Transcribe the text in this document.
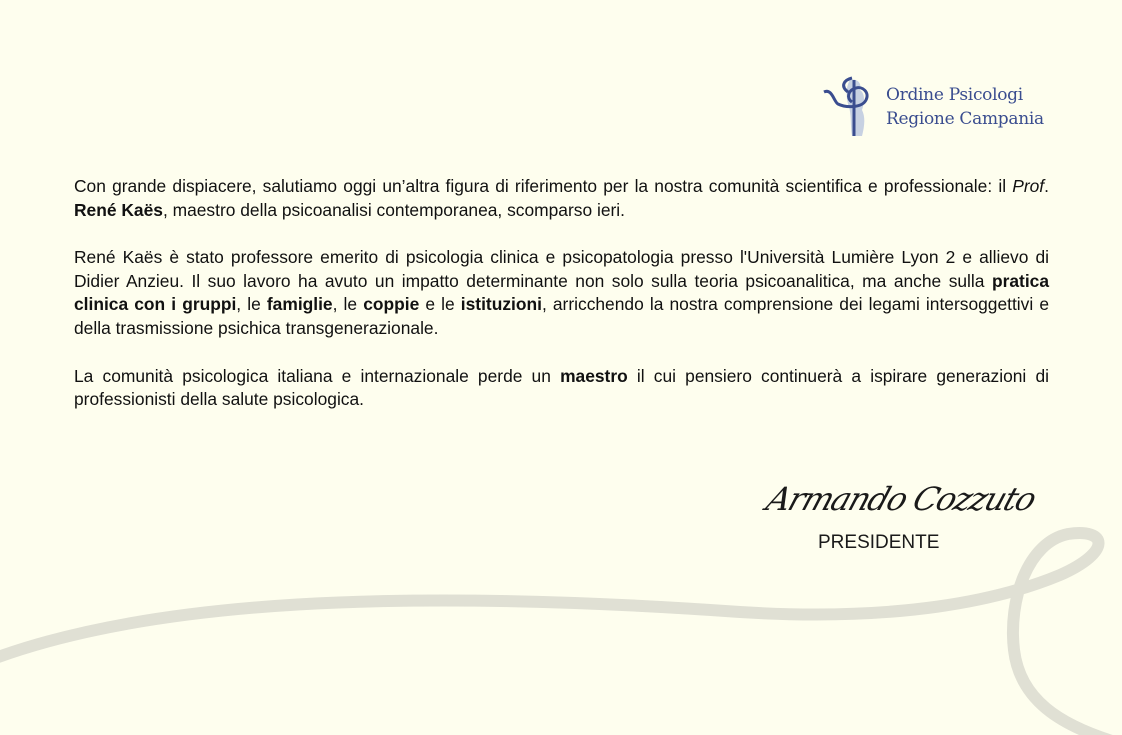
Ordine Psicologi
Regione Campania

Con grande dispiacere, salutiamo oggi un’altra figura di riferimento per la nostra comunità scientifica e professionale: il Prof. René Kaës, maestro della psicoanalisi contemporanea, scomparso ieri.

René Kaës è stato professore emerito di psicologia clinica e psicopatologia presso l'Università Lumière Lyon 2 e allievo di Didier Anzieu. Il suo lavoro ha avuto un impatto determinante non solo sulla teoria psicoanalitica, ma anche sulla pratica clinica con i gruppi, le famiglie, le coppie e le istituzioni, arricchendo la nostra comprensione dei legami intersoggettivi e della trasmissione psichica transgenerazionale.

La comunità psicologica italiana e internazionale perde un maestro il cui pensiero continuerà a ispirare generazioni di professionisti della salute psicologica.

Armando Cozzuto
PRESIDENTE
